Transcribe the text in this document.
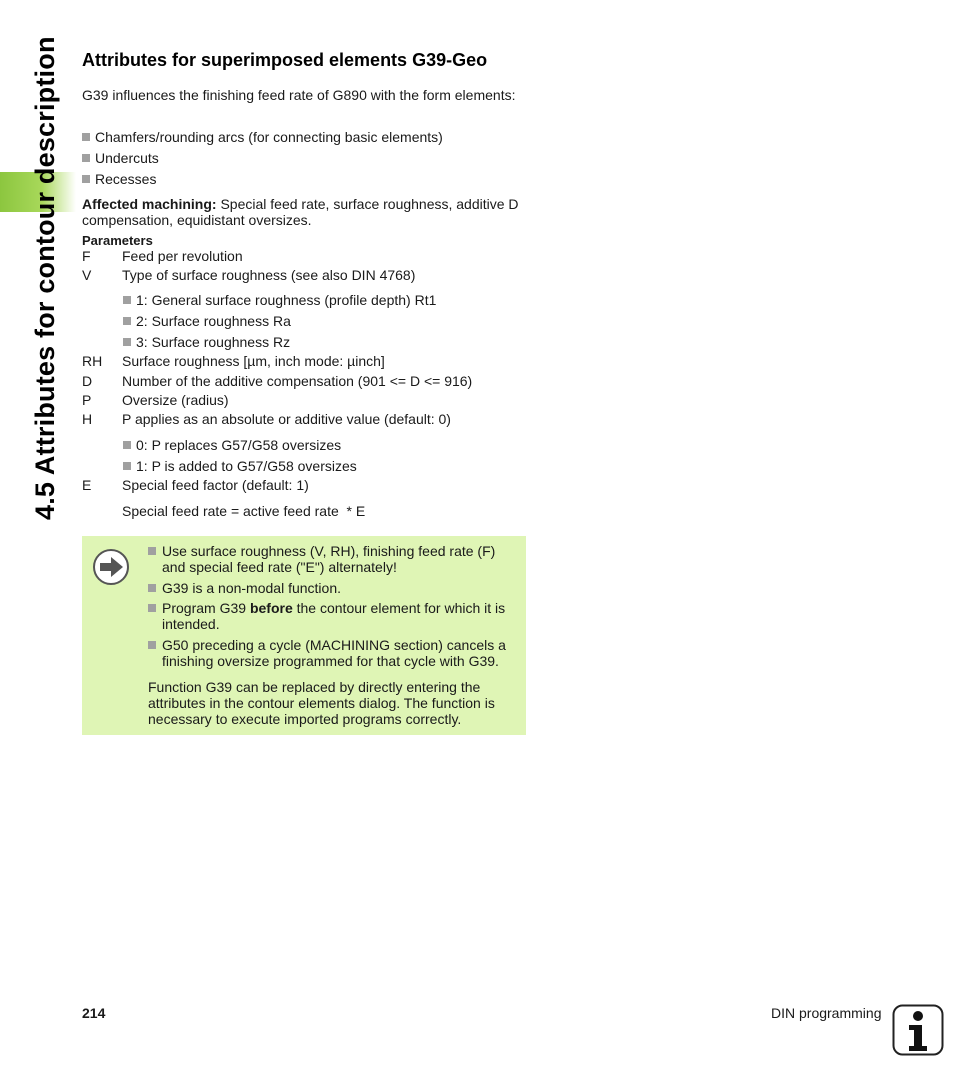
4.5 Attributes for contour description Attributes for superimposed elements G39-Geo
G39 influences the finishing feed rate of G890 with the form elements:
Chamfers/rounding arcs (for connecting basic elements)
Undercuts
Recesses
Affected machining: Special feed rate, surface roughness, additive D compensation, equidistant oversizes.
Parameters
F Feed per revolution
V Type of surface roughness (see also DIN 4768)
1: General surface roughness (profile depth) Rt1
2: Surface roughness Ra
3: Surface roughness Rz
RH Surface roughness [µm, inch mode: µinch]
D Number of the additive compensation (901 <= D <= 916)
P Oversize (radius)
H P applies as an absolute or additive value (default: 0)
0: P replaces G57/G58 oversizes
1: P is added to G57/G58 oversizes
E Special feed factor (default: 1)
Special feed rate = active feed rate  * E
Use surface roughness (V, RH), finishing feed rate (F) and special feed rate ("E") alternately!
G39 is a non-modal function.
Program G39 before the contour element for which it is intended.
G50 preceding a cycle (MACHINING section) cancels a finishing oversize programmed for that cycle with G39.
Function G39 can be replaced by directly entering the attributes in the contour elements dialog. The function is necessary to execute imported programs correctly.
214	DIN programming
